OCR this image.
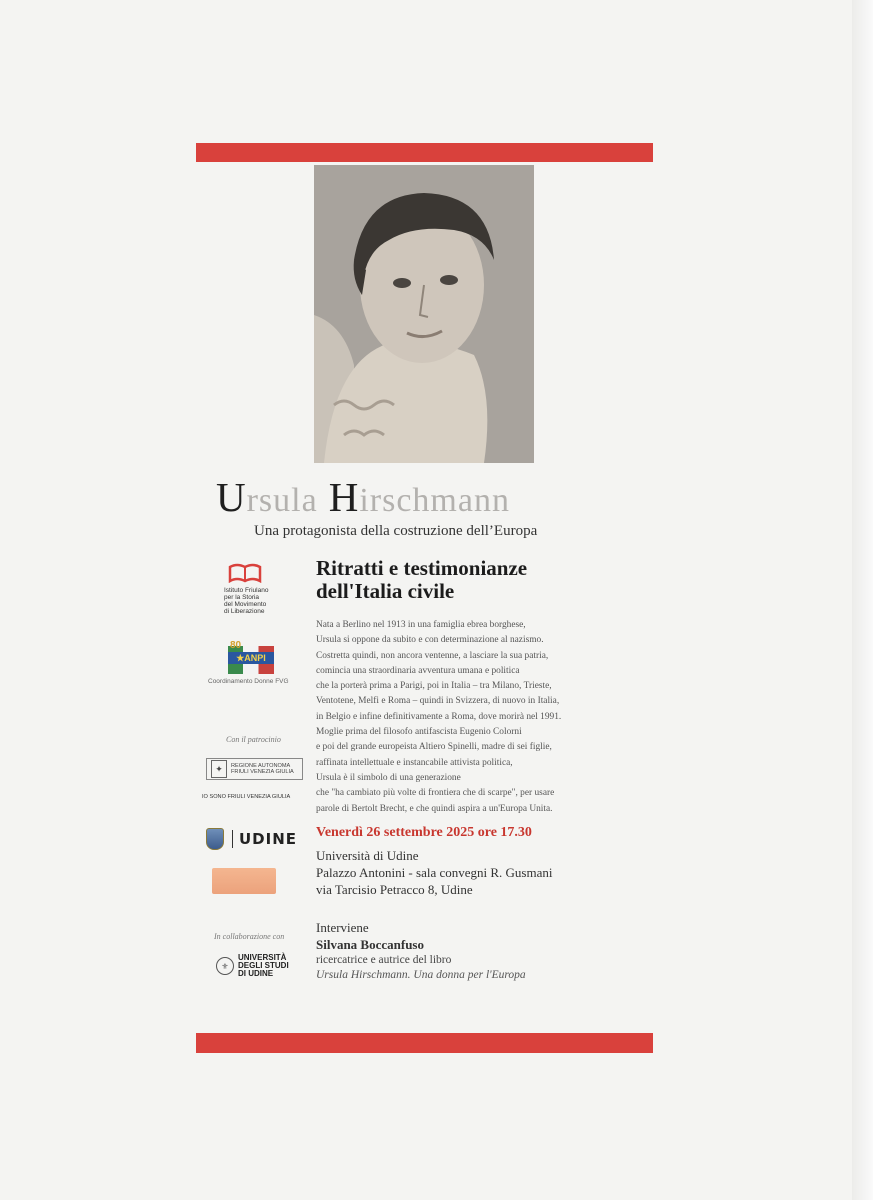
Ursula Hirschmann
Una protagonista della costruzione dell’Europa
Ritratti e testimonianze
dell'Italia civile
Nata a Berlino nel 1913 in una famiglia ebrea borghese,
Ursula si oppone da subito e con determinazione al nazismo.
Costretta quindi, non ancora ventenne, a lasciare la sua patria,
comincia una straordinaria avventura umana e politica
che la porterà prima a Parigi, poi in Italia – tra Milano, Trieste,
Ventotene, Melfi e Roma – quindi in Svizzera, di nuovo in Italia,
in Belgio e infine definitivamente a Roma, dove morirà nel 1991.
Moglie prima del filosofo antifascista Eugenio Colorni
e poi del grande europeista Altiero Spinelli, madre di sei figlie,
raffinata intellettuale e instancabile attivista politica,
Ursula è il simbolo di una generazione
che "ha cambiato più volte di frontiera che di scarpe", per usare
parole di Bertolt Brecht, e che quindi aspira a un'Europa Unita.
Istituto Friulano
per la Storia
del Movimento
di Liberazione
80
★ANPI
Coordinamento Donne FVG
Con il patrocinio
✦	REGIONE AUTONOMA
FRIULI VENEZIA GIULIA
IO SONO FRIULI VENEZIA GIULIA
UDINE
In collaborazione con
⚜
UNIVERSITÀ
DEGLI STUDI
DI UDINE
Venerdì 26 settembre 2025 ore 17.30
Università di Udine
Palazzo Antonini - sala convegni R. Gusmani
via Tarcisio Petracco 8, Udine
Interviene
Silvana Boccanfuso
ricercatrice e autrice del libro
Ursula Hirschmann. Una donna per l'Europa
